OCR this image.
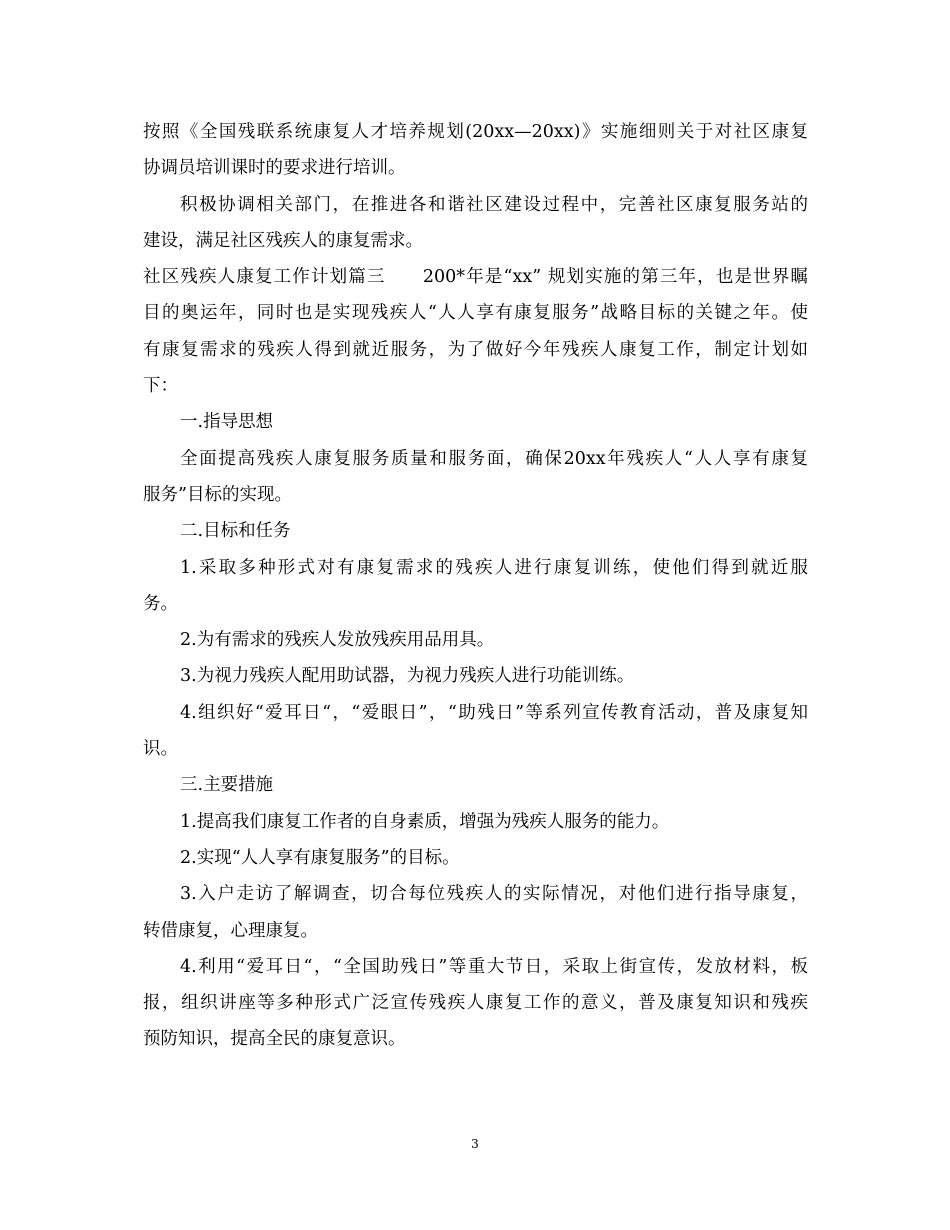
按照《全国残联系统康复人才培养规划(20xx—20xx)》实施细则关于对社区康复
协调员培训课时的要求进行培训。
积极协调相关部门，在推进各和谐社区建设过程中，完善社区康复服务站的
建设，满足社区残疾人的康复需求。
社区残疾人康复工作计划篇三　　200*年是“xx” 规划实施的第三年，也是世界瞩
目的奥运年，同时也是实现残疾人“人人享有康复服务”战略目标的关键之年。使
有康复需求的残疾人得到就近服务，为了做好今年残疾人康复工作，制定计划如
下：
一.指导思想
全面提高残疾人康复服务质量和服务面，确保20xx年残疾人“人人享有康复
服务”目标的实现。
二.目标和任务
1.采取多种形式对有康复需求的残疾人进行康复训练，使他们得到就近服
务。
2.为有需求的残疾人发放残疾用品用具。
3.为视力残疾人配用助试器，为视力残疾人进行功能训练。
4.组织好“爱耳日“，“爱眼日”，“助残日”等系列宣传教育活动，普及康复知
识。
三.主要措施
1.提高我们康复工作者的自身素质，增强为残疾人服务的能力。
2.实现“人人享有康复服务”的目标。
3.入户走访了解调查，切合每位残疾人的实际情况，对他们进行指导康复，
转借康复，心理康复。
4.利用“爱耳日“，“全国助残日”等重大节日，采取上街宣传，发放材料，板
报，组织讲座等多种形式广泛宣传残疾人康复工作的意义，普及康复知识和残疾
预防知识，提高全民的康复意识。
3
